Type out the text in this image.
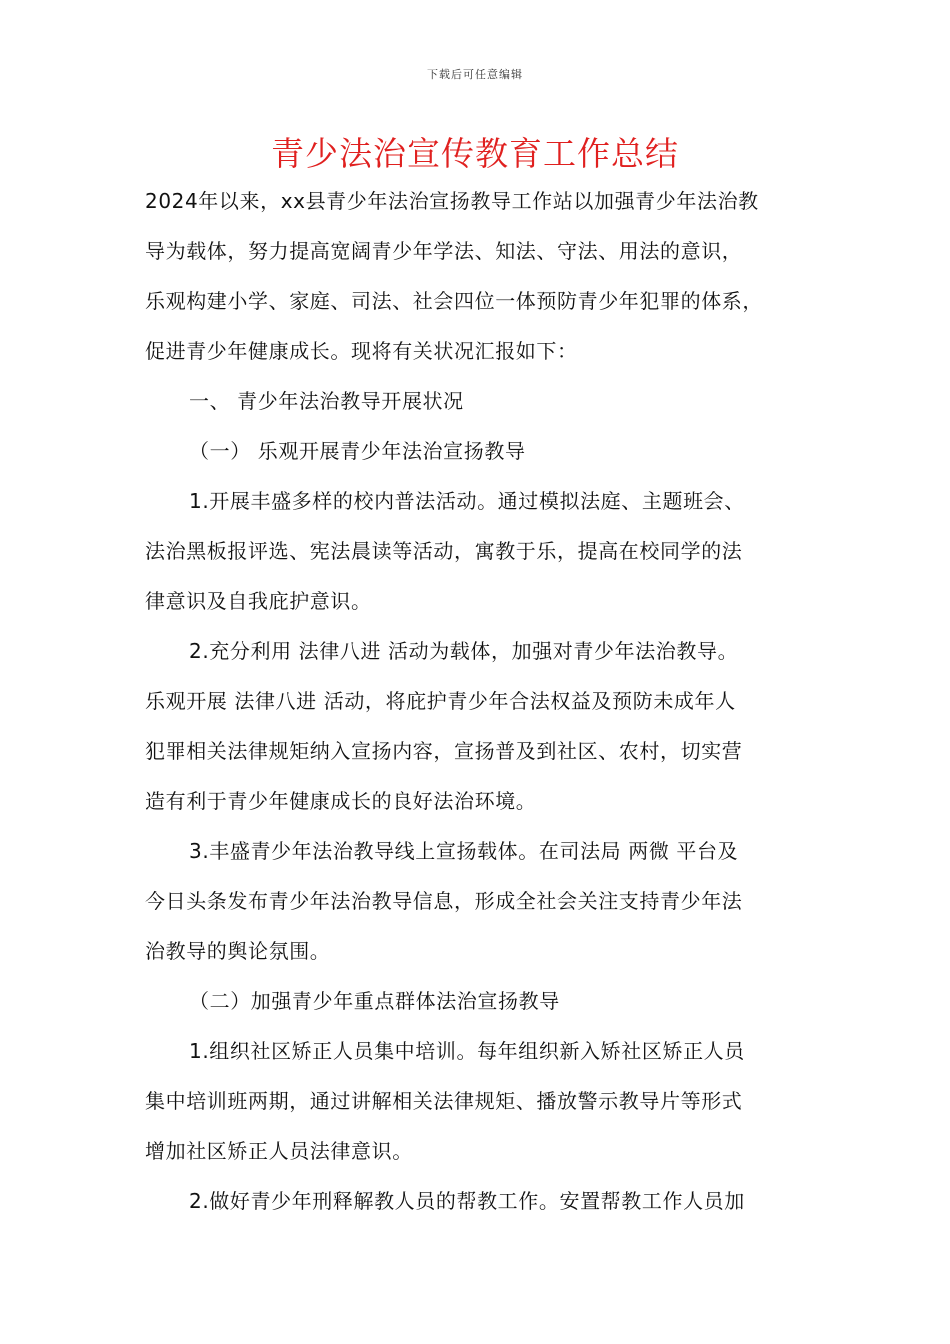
下载后可任意编辑
青少法治宣传教育工作总结
2024年以来，xx县青少年法治宣扬教导工作站以加强青少年法治教
导为载体，努力提高宽阔青少年学法、知法、守法、用法的意识，
乐观构建小学、家庭、司法、社会四位一体预防青少年犯罪的体系，
促进青少年健康成长。现将有关状况汇报如下：
一、 青少年法治教导开展状况
（一） 乐观开展青少年法治宣扬教导
1.开展丰盛多样的校内普法活动。通过模拟法庭、主题班会、
法治黑板报评选、宪法晨读等活动，寓教于乐，提高在校同学的法
律意识及自我庇护意识。
2.充分利用 法律八进 活动为载体，加强对青少年法治教导。
乐观开展 法律八进 活动，将庇护青少年合法权益及预防未成年人
犯罪相关法律规矩纳入宣扬内容，宣扬普及到社区、农村，切实营
造有利于青少年健康成长的良好法治环境。
3.丰盛青少年法治教导线上宣扬载体。在司法局 两微 平台及
今日头条发布青少年法治教导信息，形成全社会关注支持青少年法
治教导的舆论氛围。
（二）加强青少年重点群体法治宣扬教导
1.组织社区矫正人员集中培训。每年组织新入矫社区矫正人员
集中培训班两期，通过讲解相关法律规矩、播放警示教导片等形式
增加社区矫正人员法律意识。
2.做好青少年刑释解教人员的帮教工作。安置帮教工作人员加
